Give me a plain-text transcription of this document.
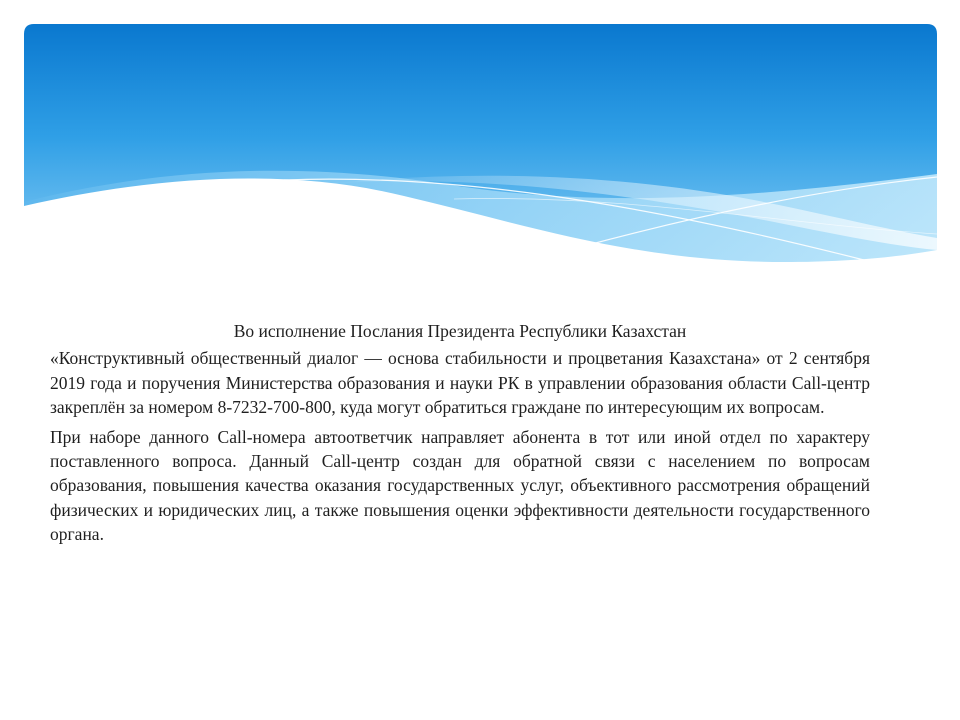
Во исполнение Послания Президента Республики Казахстан

«Конструктивный общественный диалог — основа стабильности и процветания Казахстана» от 2 сентября 2019 года и поручения Министерства образования и науки РК в управлении образования области Call-центр закреплён за номером 8-7232-700-800, куда могут обратиться граждане по интересующим их вопросам.

При наборе данного Call-номера автоответчик направляет абонента в тот или иной отдел по характеру поставленного вопроса. Данный Call-центр создан для обратной связи с населением по вопросам образования, повышения качества оказания государственных услуг, объективного рассмотрения обращений физических и юридических лиц, а также повышения оценки эффективности деятельности государственного органа.
